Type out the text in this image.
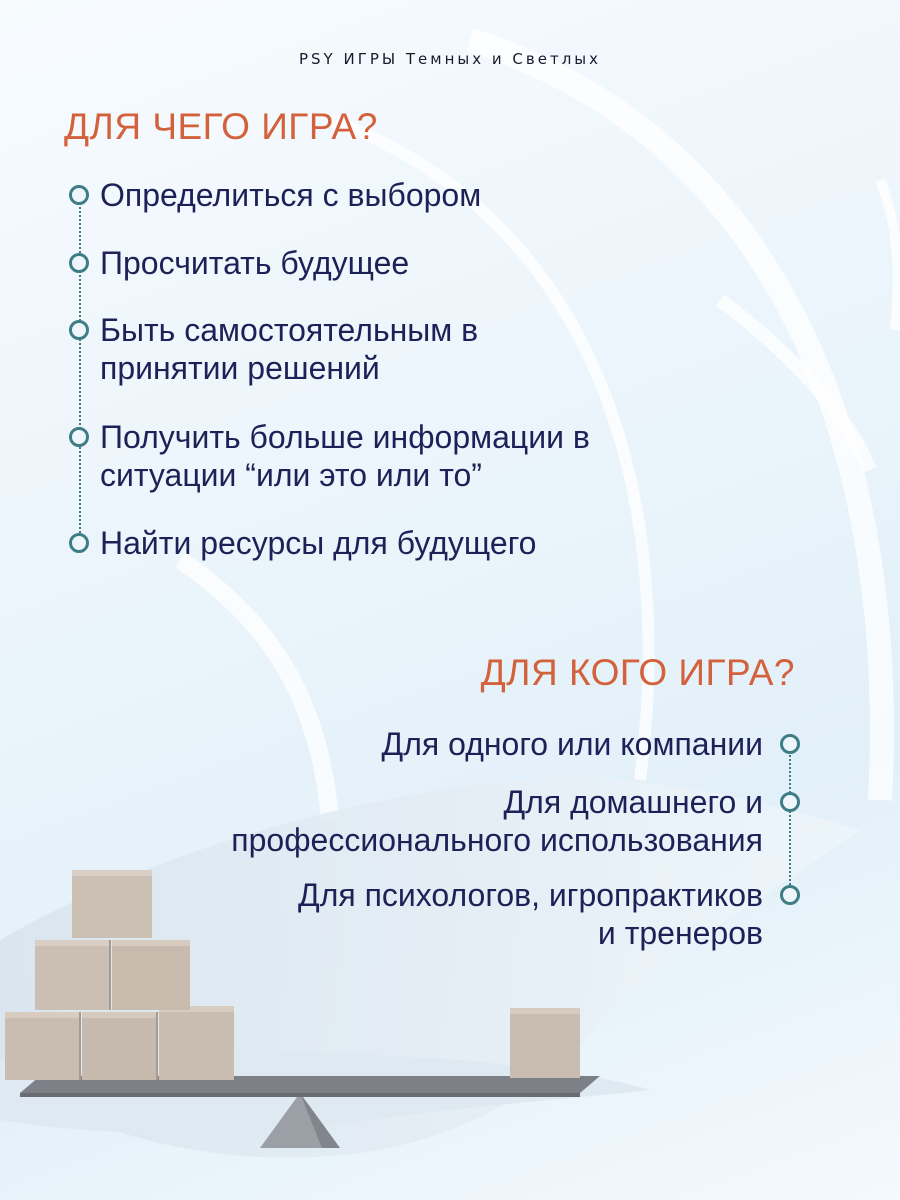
PSY ИГРЫ Темных и Светлых
ДЛЯ ЧЕГО ИГРА?
Определиться с выбором
Просчитать будущее
Быть самостоятельным в
принятии решений
Получить больше информации в
ситуации “или это или то”
Найти ресурсы для будущего
ДЛЯ КОГО ИГРА?
Для одного или компании
Для домашнего и
профессионального использования
Для психологов, игропрактиков
и тренеров
